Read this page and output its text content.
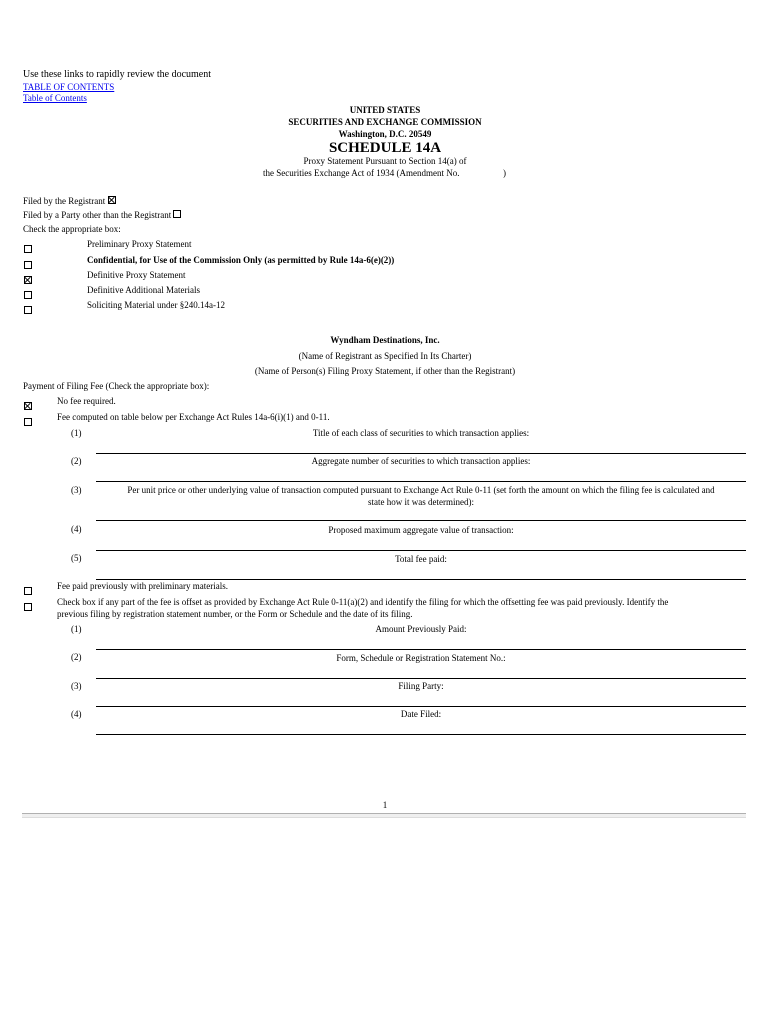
Use these links to rapidly review the document
TABLE OF CONTENTS
Table of Contents
UNITED STATES
SECURITIES AND EXCHANGE COMMISSION
Washington, D.C. 20549
SCHEDULE 14A
Proxy Statement Pursuant to Section 14(a) of
the Securities Exchange Act of 1934 (Amendment No.	)
Filed by the Registrant
Filed by a Party other than the Registrant
Check the appropriate box:
Preliminary Proxy Statement
Confidential, for Use of the Commission Only (as permitted by Rule 14a-6(e)(2))
Definitive Proxy Statement
Definitive Additional Materials
Soliciting Material under §240.14a-12
Wyndham Destinations, Inc.
(Name of Registrant as Specified In Its Charter)
(Name of Person(s) Filing Proxy Statement, if other than the Registrant)
Payment of Filing Fee (Check the appropriate box):
No fee required.
Fee computed on table below per Exchange Act Rules 14a-6(i)(1) and 0-11.
(1)	Title of each class of securities to which transaction applies:
(2)	Aggregate number of securities to which transaction applies:
(3)	Per unit price or other underlying value of transaction computed pursuant to Exchange Act Rule 0-11 (set forth the amount on which the filing fee is calculated and
state how it was determined):
(4)	Proposed maximum aggregate value of transaction:
(5)	Total fee paid:
Fee paid previously with preliminary materials.
Check box if any part of the fee is offset as provided by Exchange Act Rule 0-11(a)(2) and identify the filing for which the offsetting fee was paid previously. Identify the
previous filing by registration statement number, or the Form or Schedule and the date of its filing.
(1)	Amount Previously Paid:
(2)	Form, Schedule or Registration Statement No.:
(3)	Filing Party:
(4)	Date Filed:
1
